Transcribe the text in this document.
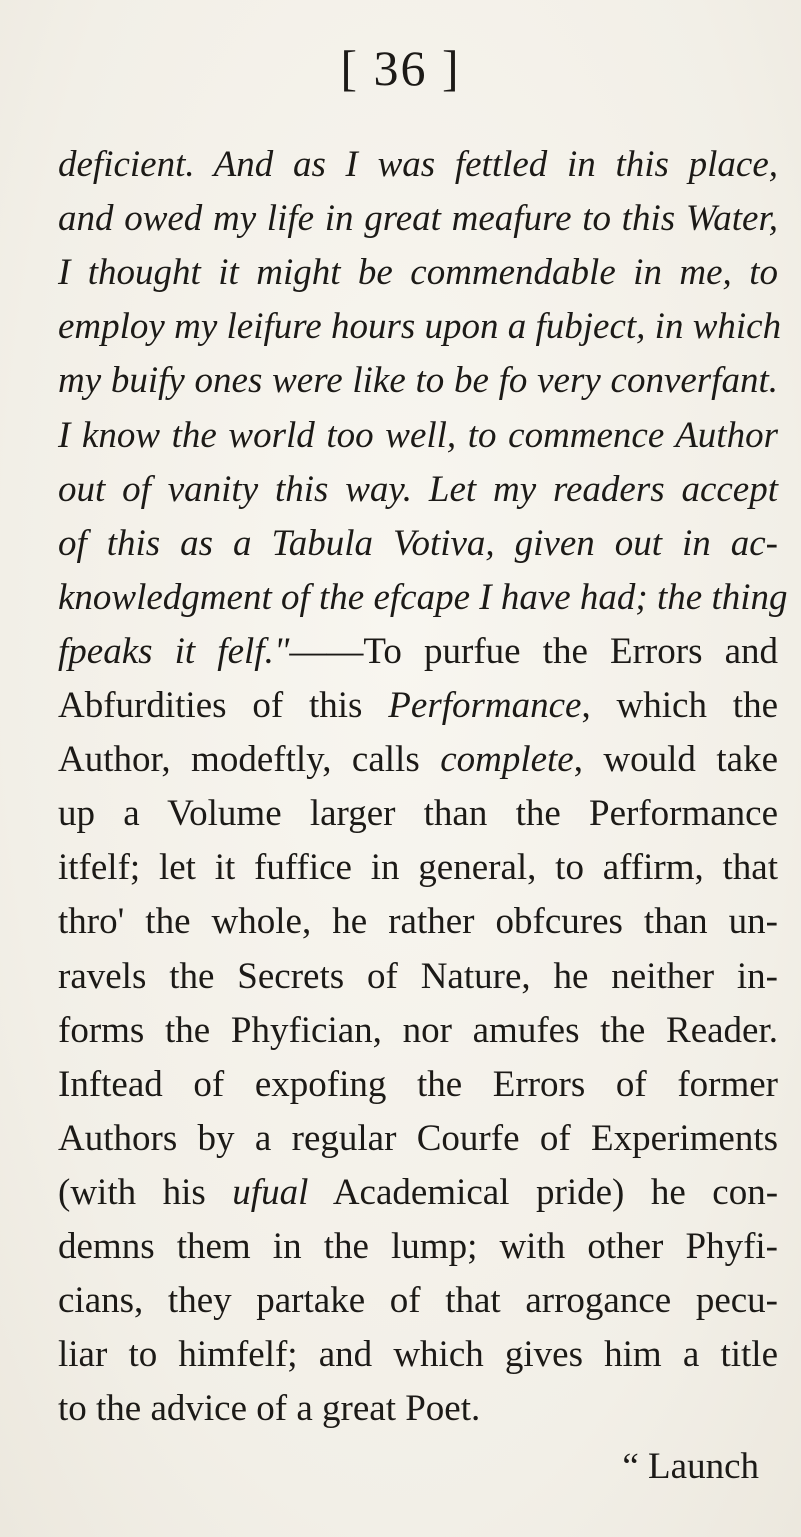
[ 36 ]
deficient. And as I was fettled in this place,
and owed my life in great meafure to this Water,
I thought it might be commendable in me, to
employ my leifure hours upon a fubject, in which
my buify ones were like to be fo very converfant.
I know the world too well, to commence Author
out of vanity this way. Let my readers accept
of this as a Tabula Votiva, given out in ac-
knowledgment of the efcape I have had; the thing
fpeaks it felf."——To purfue the Errors and
Abfurdities of this Performance, which the
Author, modeftly, calls complete, would take
up a Volume larger than the Performance
itfelf; let it fuffice in general, to affirm, that
thro' the whole, he rather obfcures than un-
ravels the Secrets of Nature, he neither in-
forms the Phyfician, nor amufes the Reader.
Inftead of expofing the Errors of former
Authors by a regular Courfe of Experiments
(with his ufual Academical pride) he con-
demns them in the lump; with other Phyfi-
cians, they partake of that arrogance pecu-
liar to himfelf; and which gives him a title
to the advice of a great Poet.
“ Launch
